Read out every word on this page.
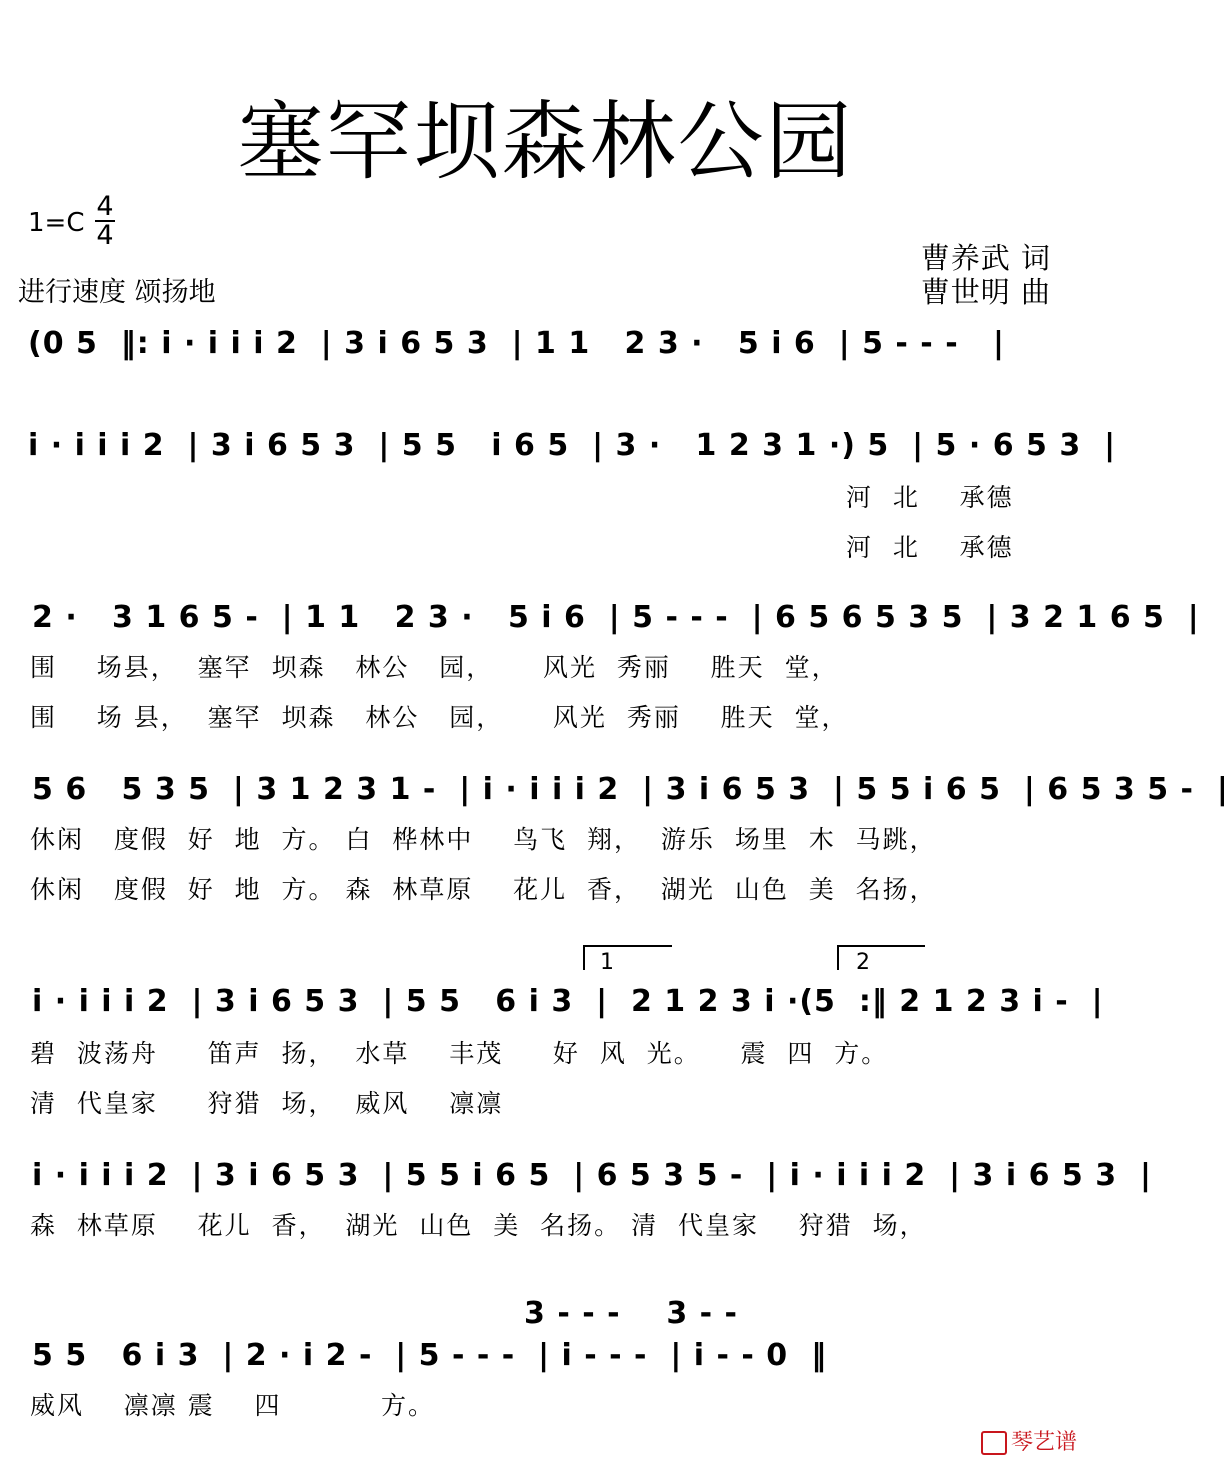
塞罕坝森林公园
1=C
4
4
进行速度 颂扬地
曹养武 词
曹世明 曲
(0 5  ‖: i · i i i 2  | 3 i 6 5 3  | 1 1   2 3 ·   5 i 6  | 5 - - -   |
i · i i i 2  | 3 i 6 5 3  | 5 5   i 6 5  | 3 ·   1 2 3 1 ·) 5  | 5 · 6 5 3  |
河  北    承德
河  北    承德
2 ·   3 1 6 5 -  | 1 1   2 3 ·   5 i 6  | 5 - - -  | 6 5 6 5 3 5  | 3 2 1 6 5  |
围    场县，  塞罕  坝森   林公   园，     风光  秀丽    胜天  堂，
围    场 县，  塞罕  坝森   林公   园，     风光  秀丽    胜天  堂，
5 6   5 3 5  | 3 1 2 3 1 -  | i · i i i 2  | 3 i 6 5 3  | 5 5 i 6 5  | 6 5 3 5 -  |
休闲   度假  好  地  方。 白  桦林中    鸟飞  翔，  游乐  场里  木  马跳，
休闲   度假  好  地  方。 森  林草原    花儿  香，  湖光  山色  美  名扬，
1	2
i · i i i 2  | 3 i 6 5 3  | 5 5   6 i 3  |  2 1 2 3 i ·(5  :‖ 2 1 2 3 i -  |
碧  波荡舟     笛声  扬，  水草    丰茂     好  风  光。    震  四  方。
清  代皇家     狩猎  场，  威风    凛凛
i · i i i 2  | 3 i 6 5 3  | 5 5 i 6 5  | 6 5 3 5 -  | i · i i i 2  | 3 i 6 5 3  |
森  林草原    花儿  香，  湖光  山色  美  名扬。 清  代皇家    狩猎  场，
3 - - -    3 - -
5 5   6 i 3  | 2 · i 2 -  | 5 - - -  | i - - -  | i - - 0  ‖
威风    凛凛 震    四          方。
琴艺谱
